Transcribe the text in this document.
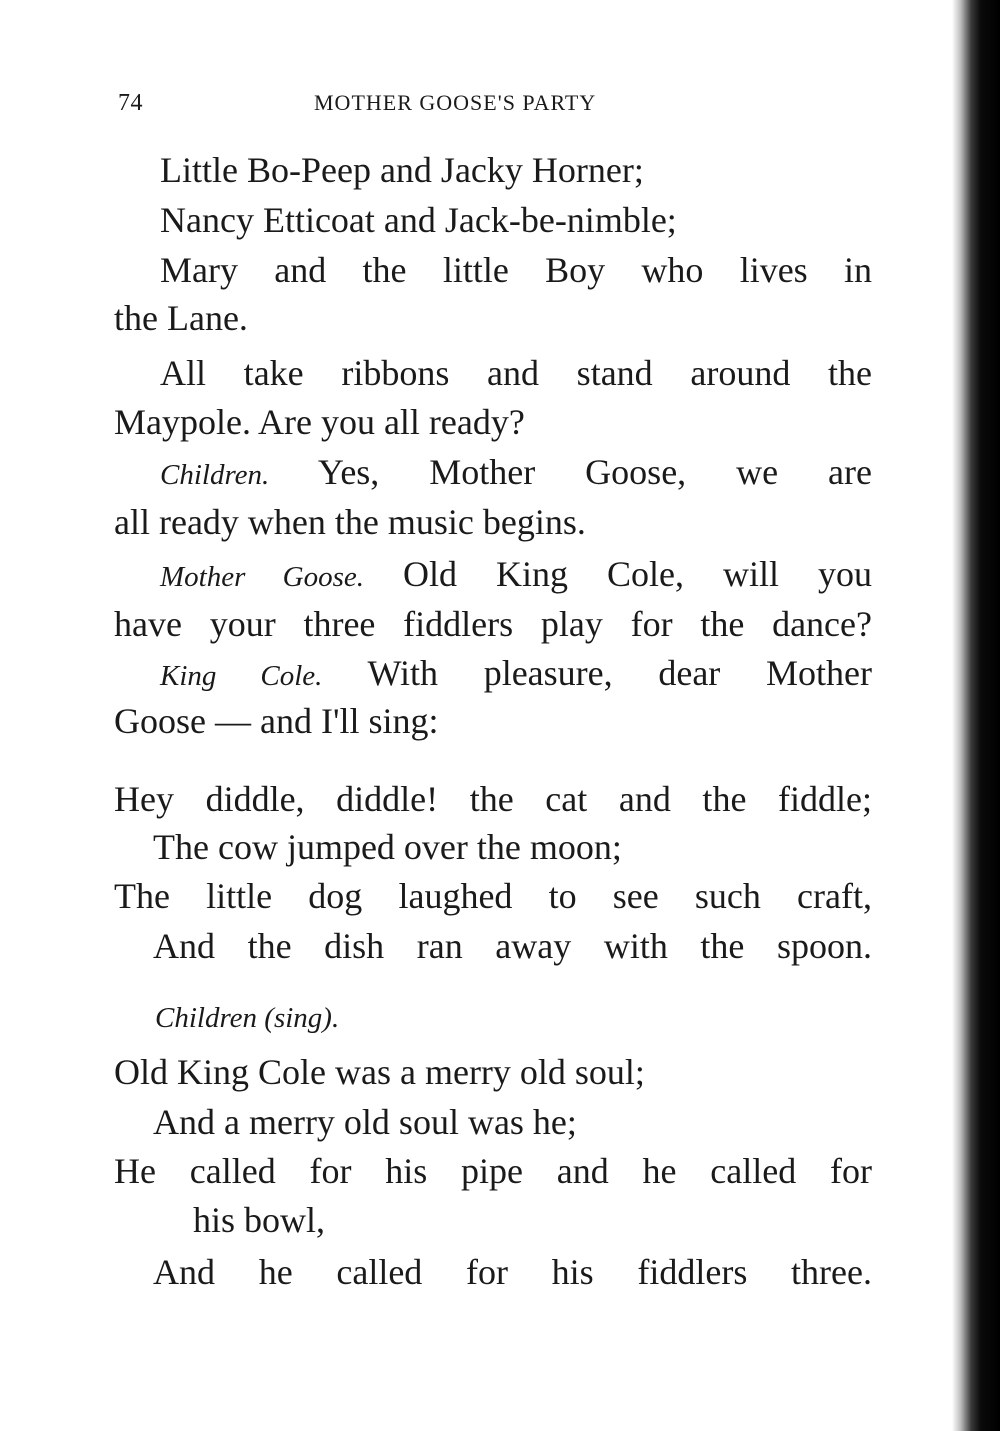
74	MOTHER GOOSE'S PARTY
Little Bo-Peep and Jacky Horner;
Nancy Etticoat and Jack-be-nimble;
Mary and the little Boy who lives in
the Lane.
All take ribbons and stand around the
Maypole. Are you all ready?
Children. Yes, Mother Goose, we are
all ready when the music begins.
Mother Goose. Old King Cole, will you
have your three fiddlers play for the dance?
King Cole. With pleasure, dear Mother
Goose — and I'll sing:
Hey diddle, diddle! the cat and the fiddle;
The cow jumped over the moon;
The little dog laughed to see such craft,
And the dish ran away with the spoon.
Children (sing).
Old King Cole was a merry old soul;
And a merry old soul was he;
He called for his pipe and he called for
his bowl,
And he called for his fiddlers three.
